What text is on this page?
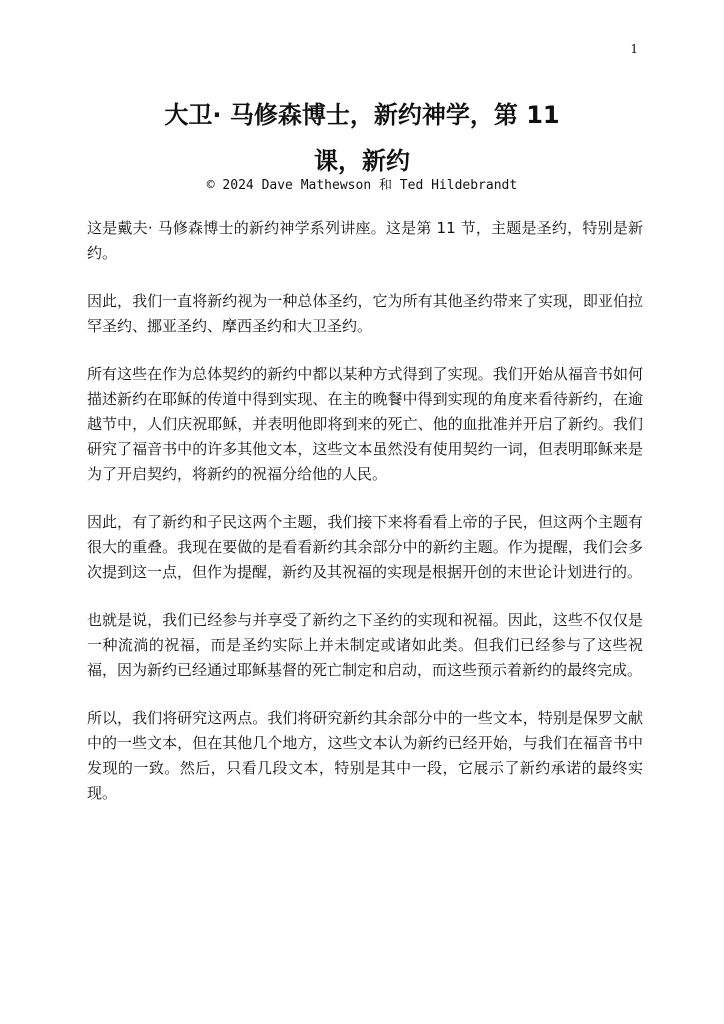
1
大卫· 马修森博士，新约神学，第 11
课，新约
© 2024 Dave Mathewson 和 Ted Hildebrandt

这是戴夫· 马修森博士的新约神学系列讲座。这是第 11 节，主题是圣约，特别是新约。

因此，我们一直将新约视为一种总体圣约，它为所有其他圣约带来了实现，即亚伯拉罕圣约、挪亚圣约、摩西圣约和大卫圣约。

所有这些在作为总体契约的新约中都以某种方式得到了实现。我们开始从福音书如何描述新约在耶稣的传道中得到实现、在主的晚餐中得到实现的角度来看待新约，在逾越节中，人们庆祝耶稣，并表明他即将到来的死亡、他的血批准并开启了新约。我们研究了福音书中的许多其他文本，这些文本虽然没有使用契约一词，但表明耶稣来是为了开启契约，将新约的祝福分给他的人民。

因此，有了新约和子民这两个主题，我们接下来将看看上帝的子民，但这两个主题有很大的重叠。我现在要做的是看看新约其余部分中的新约主题。作为提醒，我们会多次提到这一点，但作为提醒，新约及其祝福的实现是根据开创的末世论计划进行的。

也就是说，我们已经参与并享受了新约之下圣约的实现和祝福。因此，这些不仅仅是一种流淌的祝福，而是圣约实际上并未制定或诸如此类。但我们已经参与了这些祝福，因为新约已经通过耶稣基督的死亡制定和启动，而这些预示着新约的最终完成。

所以，我们将研究这两点。我们将研究新约其余部分中的一些文本，特别是保罗文献中的一些文本，但在其他几个地方，这些文本认为新约已经开始，与我们在福音书中发现的一致。然后，只看几段文本，特别是其中一段，它展示了新约承诺的最终实现。
